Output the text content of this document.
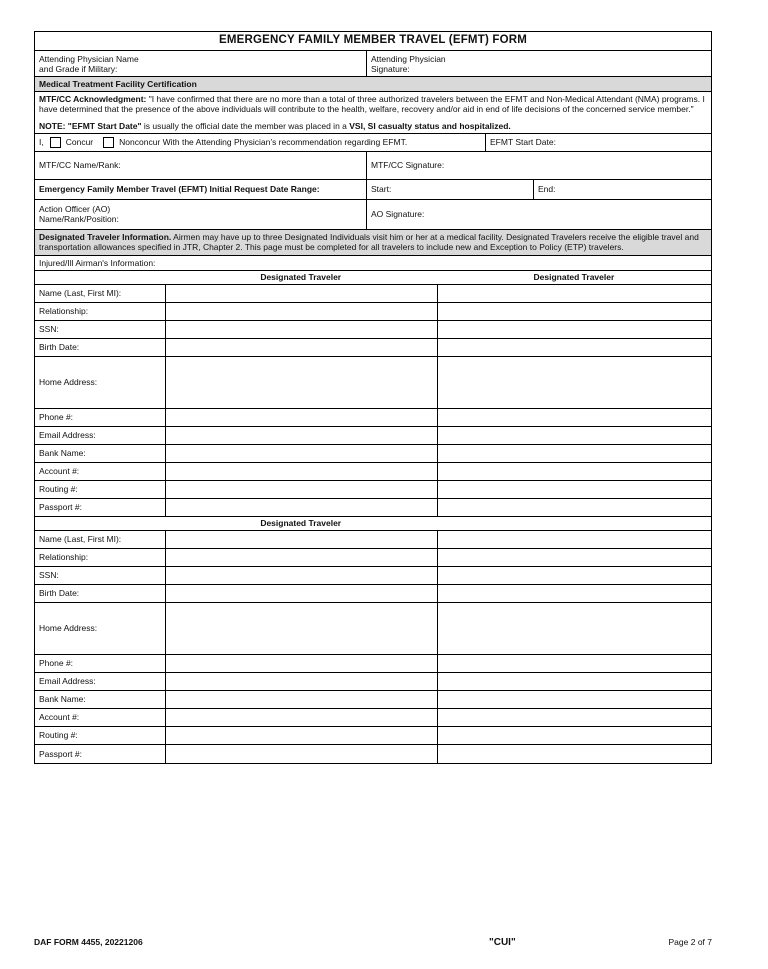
EMERGENCY FAMILY MEMBER TRAVEL (EFMT) FORM
Attending Physician Name
and Grade if Military:
Attending Physician
Signature:
Medical Treatment Facility Certification
MTF/CC Acknowledgment: "I have confirmed that there are no more than a total of three authorized travelers between the EFMT and Non-Medical Attendant (NMA) programs. I have determined that the presence of the above individuals will contribute to the health, welfare, recovery and/or aid in end of life decisions of the concerned service member."
NOTE: "EFMT Start Date" is usually the official date the member was placed in a VSI, SI casualty status and hospitalized.
I,	Concur	Nonconcur With the Attending Physician’s recommendation regarding EFMT.	EFMT Start Date:
MTF/CC Name/Rank:	MTF/CC Signature:
Emergency Family Member Travel (EFMT) Initial Request Date Range:	Start:	End:
Action Officer (AO)
Name/Rank/Position:	AO Signature:
Designated Traveler Information. Airmen may have up to three Designated Individuals visit him or her at a medical facility. Designated Travelers receive the eligible travel and transportation allowances specified in JTR, Chapter 2. This page must be completed for all travelers to include new and Exception to Policy (ETP) travelers.
Injured/Ill Airman's Information:
Designated Traveler	Designated Traveler
Name (Last, First MI):
Relationship:
SSN:
Birth Date:
Home Address:
Phone #:
Email Address:
Bank Name:
Account #:
Routing #:
Passport #:
Designated Traveler
Name (Last, First MI):
Relationship:
SSN:
Birth Date:
Home Address:
Phone #:
Email Address:
Bank Name:
Account #:
Routing #:
Passport #:
DAF FORM 4455, 20221206	"CUI"	Page 2 of 7
